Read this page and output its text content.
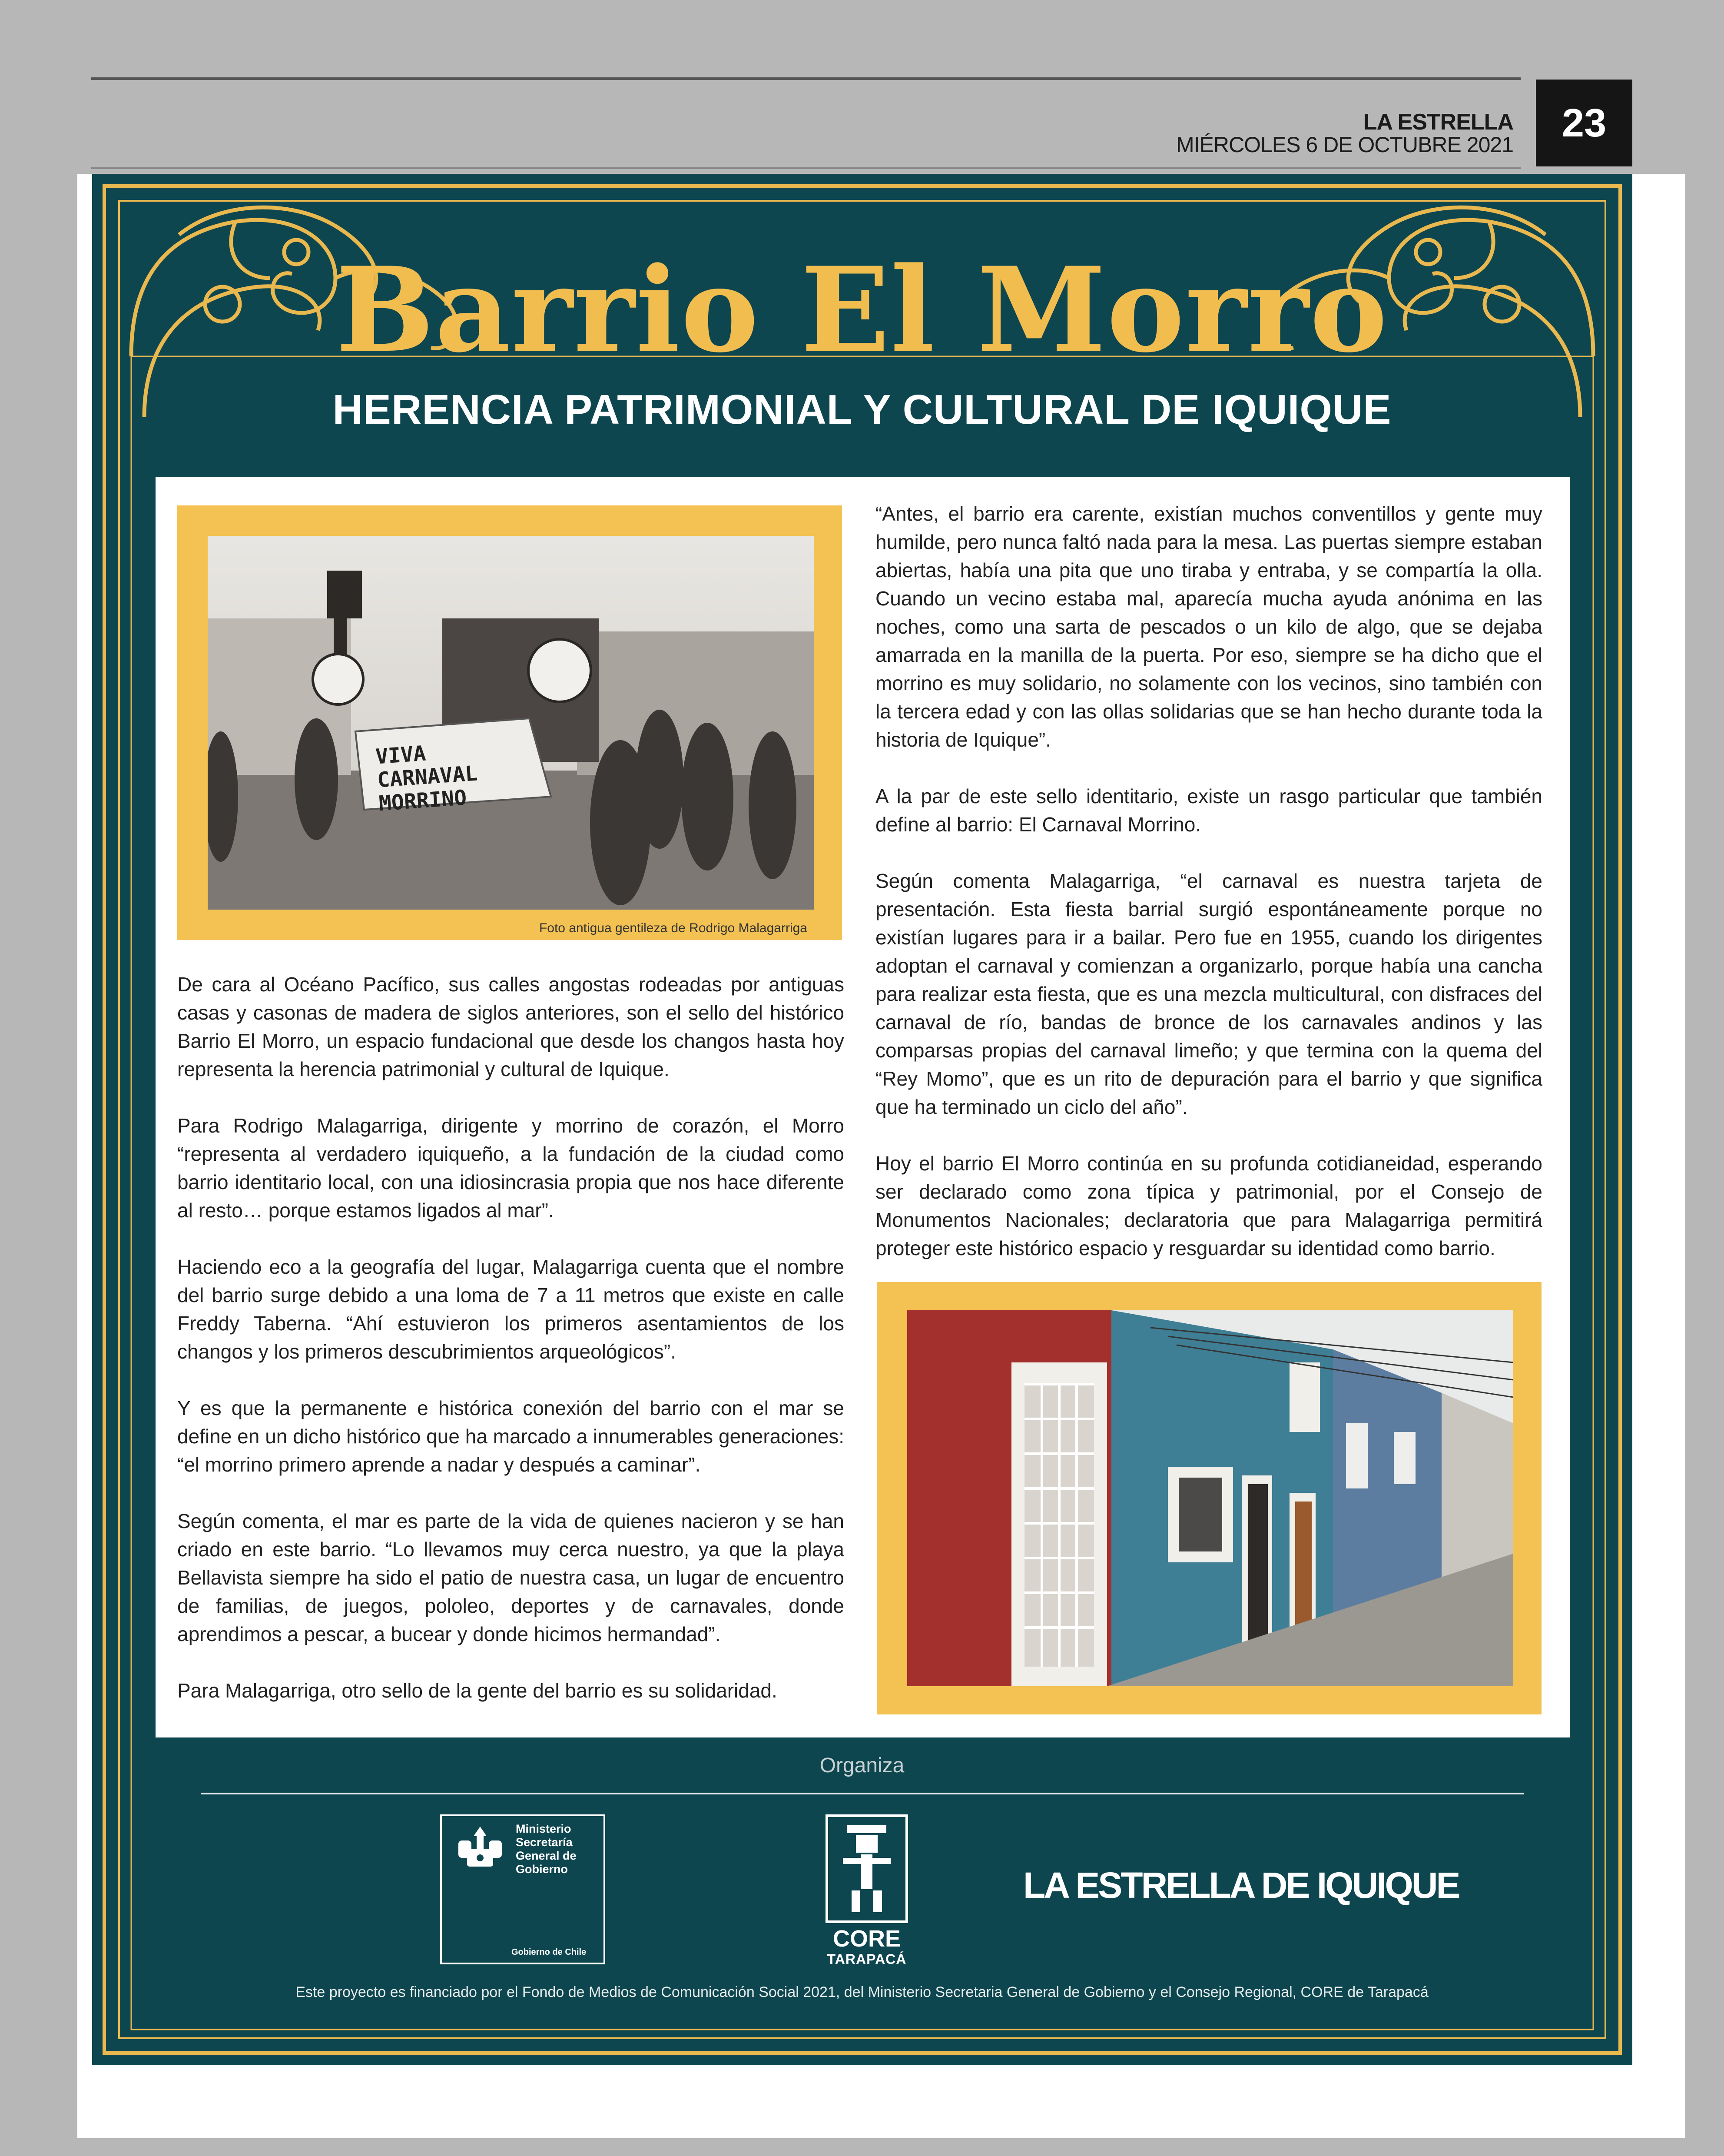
LA ESTRELLA
MIÉRCOLES 6 DE OCTUBRE 2021	23
Barrio El Morro
HERENCIA PATRIMONIAL Y CULTURAL DE IQUIQUE
VIVA CARNAVAL MORRINO
Foto antigua gentileza de Rodrigo Malagarriga

De cara al Océano Pacífico, sus calles angostas rodeadas por antiguas casas y casonas de madera de siglos anteriores, son el sello del histórico Barrio El Morro, un espacio fundacional que desde los changos hasta hoy representa la herencia patrimonial y cultural de Iquique.

Para Rodrigo Malagarriga, dirigente y morrino de corazón, el Morro “representa al verdadero iquiqueño, a la fundación de la ciudad como barrio identitario local, con una idiosincrasia propia que nos hace diferente al resto… porque estamos ligados al mar”.

Haciendo eco a la geografía del lugar, Malagarriga cuenta que el nombre del barrio surge debido a una loma de 7 a 11 metros que existe en calle Freddy Taberna. “Ahí estuvieron los primeros asentamientos de los changos y los primeros descubrimientos arqueológicos”.

Y es que la permanente e histórica conexión del barrio con el mar se define en un dicho histórico que ha marcado a innumerables generaciones: “el morrino primero aprende a nadar y después a caminar”.

Según comenta, el mar es parte de la vida de quienes nacieron y se han criado en este barrio. “Lo llevamos muy cerca nuestro, ya que la playa Bellavista siempre ha sido el patio de nuestra casa, un lugar de encuentro de familias, de juegos, pololeo, deportes y de carnavales, donde aprendimos a pescar, a bucear y donde hicimos hermandad”.

Para Malagarriga, otro sello de la gente del barrio es su solidaridad.

“Antes, el barrio era carente, existían muchos conventillos y gente muy humilde, pero nunca faltó nada para la mesa. Las puertas siempre estaban abiertas, había una pita que uno tiraba y entraba, y se compartía la olla. Cuando un vecino estaba mal, aparecía mucha ayuda anónima en las noches, como una sarta de pescados o un kilo de algo, que se dejaba amarrada en la manilla de la puerta. Por eso, siempre se ha dicho que el morrino es muy solidario, no solamente con los vecinos, sino también con la tercera edad y con las ollas solidarias que se han hecho durante toda la historia de Iquique”.

A la par de este sello identitario, existe un rasgo particular que también define al barrio: El Carnaval Morrino.

Según comenta Malagarriga, “el carnaval es nuestra tarjeta de presentación. Esta fiesta barrial surgió espontáneamente porque no existían lugares para ir a bailar. Pero fue en 1955, cuando los dirigentes adoptan el carnaval y comienzan a organizarlo, porque había una cancha para realizar esta fiesta, que es una mezcla multicultural, con disfraces del carnaval de río, bandas de bronce de los carnavales andinos y las comparsas propias del carnaval limeño; y que termina con la quema del “Rey Momo”, que es un rito de depuración para el barrio y que significa que ha terminado un ciclo del año”.

Hoy el barrio El Morro continúa en su profunda cotidianeidad, esperando ser declarado como zona típica y patrimonial, por el Consejo de Monumentos Nacionales; declaratoria que para Malagarriga permitirá proteger este histórico espacio y resguardar su identidad como barrio.

Organiza
Ministerio Secretaría General de Gobierno
Gobierno de Chile
CORE
TARAPACÁ
LA ESTRELLA DE IQUIQUE
Este proyecto es financiado por el Fondo de Medios de Comunicación Social 2021, del Ministerio Secretaria General de Gobierno y el Consejo Regional, CORE de Tarapacá
